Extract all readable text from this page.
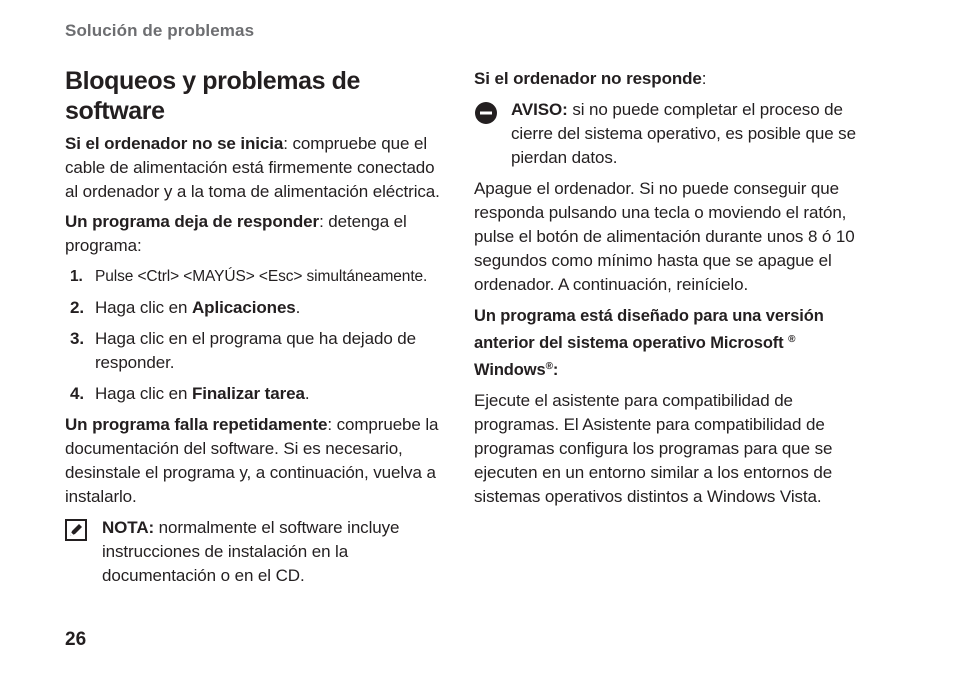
Solución de problemas
Bloqueos y problemas de software

Si el ordenador no se inicia: compruebe que el cable de alimentación está firmemente conectado al ordenador y a la toma de alimentación eléctrica.

Un programa deja de responder: detenga el programa:

1. Pulse <Ctrl> <MAYÚS> <Esc> simultáneamente.
2. Haga clic en Aplicaciones.
3. Haga clic en el programa que ha dejado de responder.
4. Haga clic en Finalizar tarea.

Un programa falla repetidamente: compruebe la documentación del software. Si es necesario, desinstale el programa y, a continuación, vuelva a instalarlo.

NOTA: normalmente el software incluye instrucciones de instalación en la documentación o en el CD.

Si el ordenador no responde:

AVISO: si no puede completar el proceso de cierre del sistema operativo, es posible que se pierdan datos.

Apague el ordenador. Si no puede conseguir que responda pulsando una tecla o moviendo el ratón, pulse el botón de alimentación durante unos 8 ó 10 segundos como mínimo hasta que se apague el ordenador. A continuación, reinícielo.

Un programa está diseñado para una versión anterior del sistema operativo Microsoft ®
Windows®:

Ejecute el asistente para compatibilidad de programas. El Asistente para compatibilidad de programas configura los programas para que se ejecuten en un entorno similar a los entornos de sistemas operativos distintos a Windows Vista.

26
